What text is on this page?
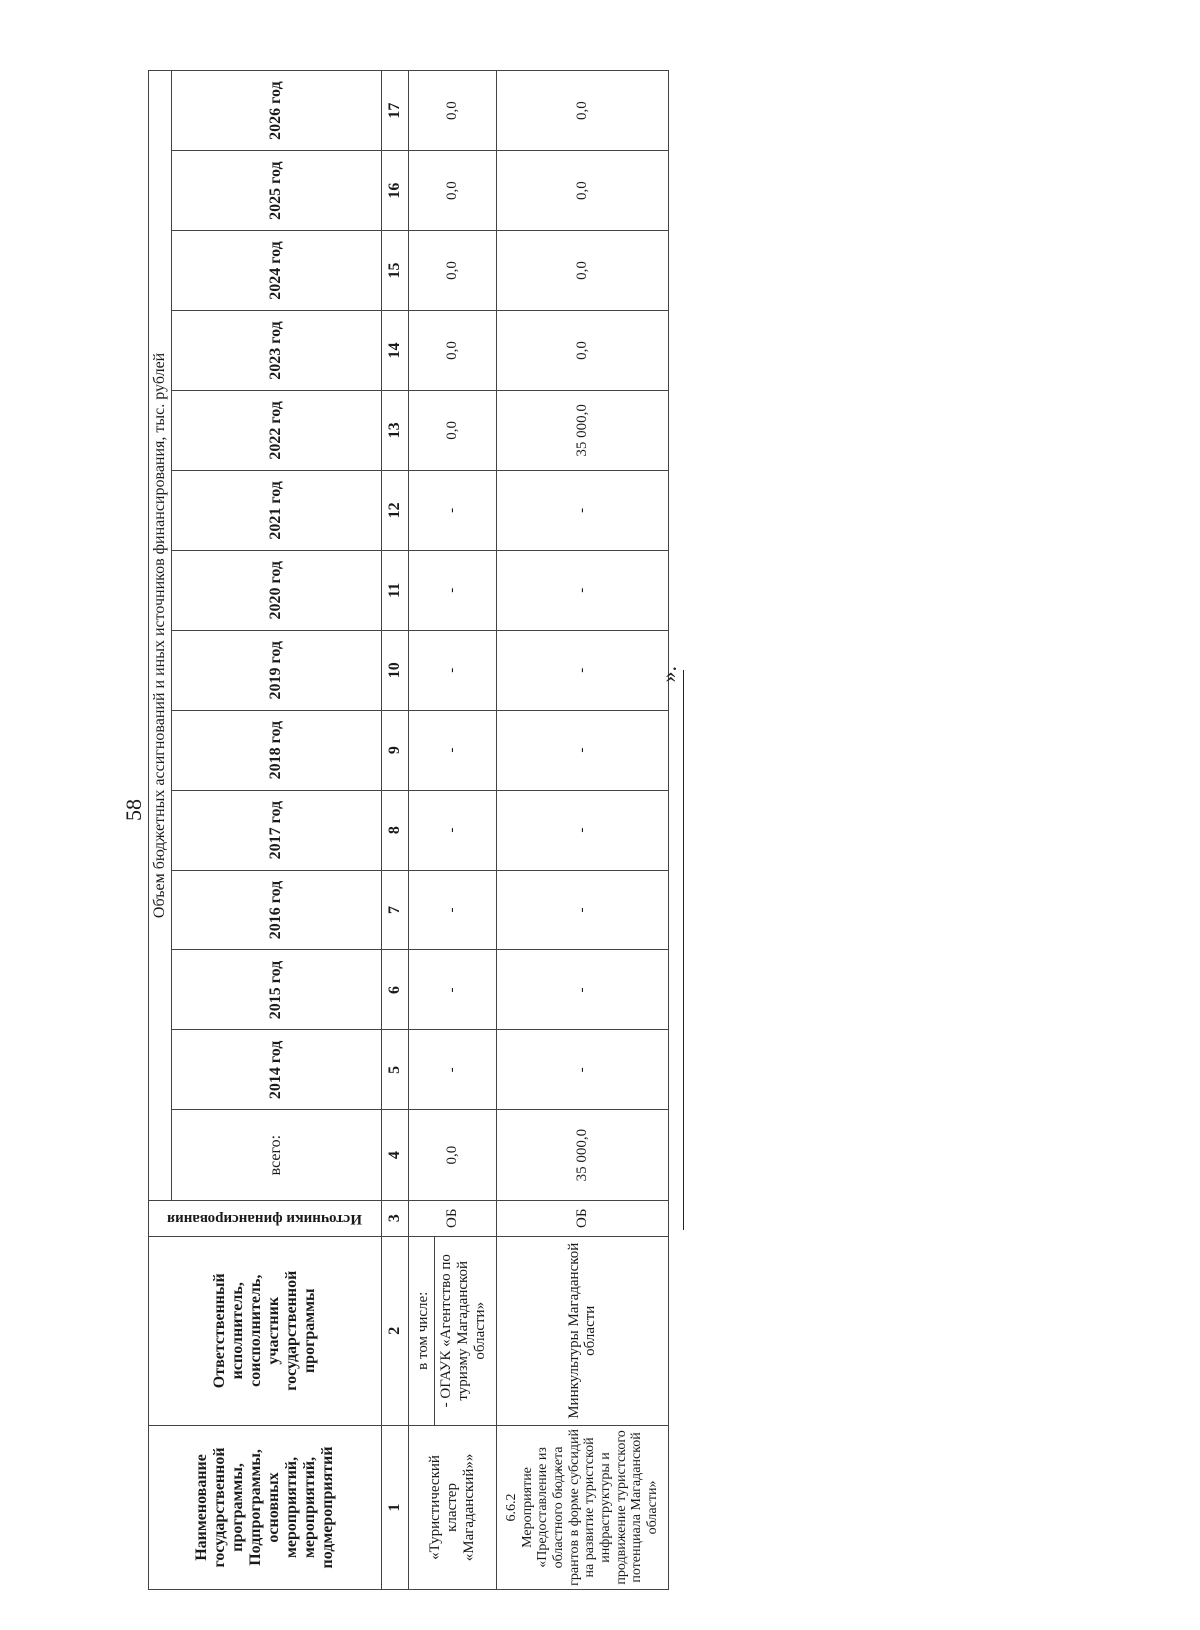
58
Наименование государственной программы, Подпрограммы, основных мероприятий, мероприятий, подмероприятий	Ответственный исполнитель, соисполнитель, участник государственной программы	Источники финансирования	Объем бюджетных ассигнований и иных источников финансирования, тыс. рублей													
			всего:	2014 год	2015 год	2016 год	2017 год	2018 год	2019 год	2020 год	2021 год	2022 год	2023 год	2024 год	2025 год	2026 год
1	2	3	4	5	6	7	8	9	10	11	12	13	14	15	16	17
«Туристический кластер «Магаданский»»	в том числе: - ОГАУК «Агентство по туризму Магаданской области»	ОБ	0,0	-	-	-	-	-	-	-	-	0,0	0,0	0,0	0,0	0,0

6.6.2 Мероприятие «Предоставление из областного бюджета грантов в форме субсидий на развитие туристской инфраструктуры и продвижение туристского потенциала Магаданской области»	Минкультуры Магаданской области	ОБ	35 000,0	-	-	-	-	-	-	-	-	35 000,0	0,0	0,0	0,0	0,0
».
